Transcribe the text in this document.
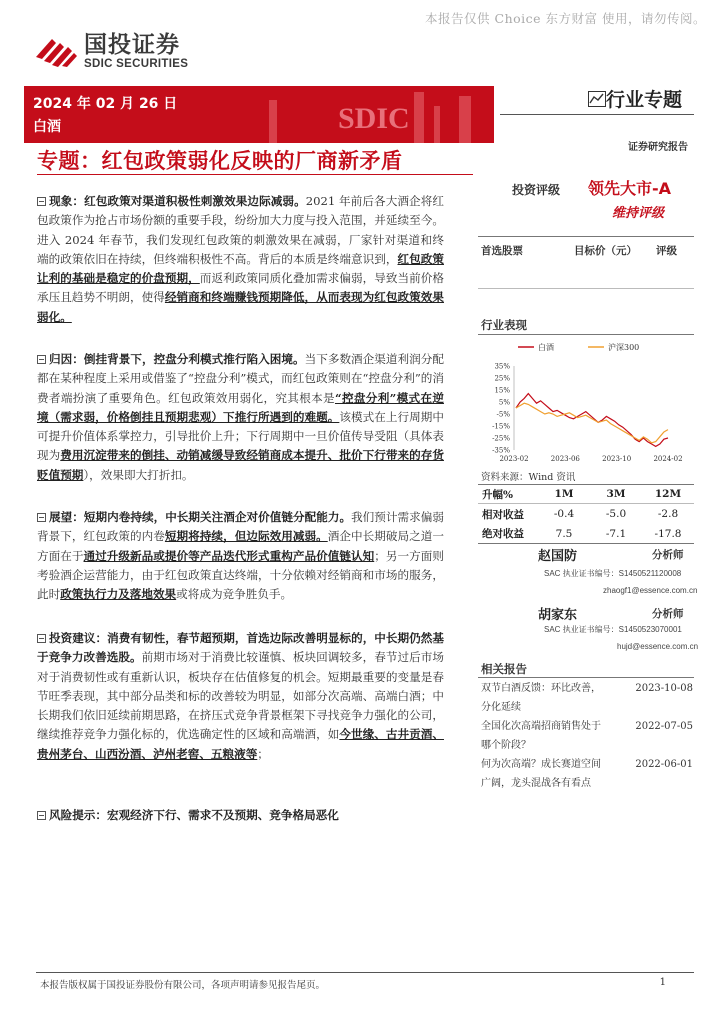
本报告仅供 Choice 东方财富 使用，请勿传阅。
国投证券
SDIC SECURITIES
2024 年 02 月 26 日
白酒	SDIC
行业专题
证券研究报告
专题：红包政策弱化反映的厂商新矛盾
现象：红包政策对渠道积极性刺激效果边际减弱。2021 年前后各大酒企将红包政策作为抢占市场份额的重要手段，纷纷加大力度与投入范围，并延续至今。进入 2024 年春节，我们发现红包政策的刺激效果在减弱，厂家针对渠道和终端的政策依旧在持续，但终端积极性不高。背后的本质是终端意识到，红包政策让利的基础是稳定的价盘预期，而返利政策同质化叠加需求偏弱，导致当前价格承压且趋势不明朗，使得经销商和终端赚钱预期降低，从而表现为红包政策效果弱化。
归因：倒挂背景下，控盘分利模式推行陷入困境。当下多数酒企渠道利润分配都在某种程度上采用或借鉴了“控盘分利”模式，而红包政策则在“控盘分利”的消费者端扮演了重要角色。红包政策效用弱化，究其根本是“控盘分利”模式在逆境（需求弱，价格倒挂且预期悲观）下推行所遇到的难题。该模式在上行周期中可提升价值体系掌控力，引导批价上升；下行周期中一旦价值传导受阻（具体表现为费用沉淀带来的倒挂、动销减缓导致经销商成本提升、批价下行带来的存货贬值预期），效果即大打折扣。
展望：短期内卷持续，中长期关注酒企对价值链分配能力。我们预计需求偏弱背景下，红包政策的内卷短期将持续，但边际效用减弱。酒企中长期破局之道一方面在于通过升级新品或提价等产品迭代形式重构产品价值链认知；另一方面则考验酒企运营能力，由于红包政策直达终端，十分依赖对经销商和市场的服务，此时政策执行力及落地效果或将成为竞争胜负手。
投资建议：消费有韧性，春节超预期，首选边际改善明显标的，中长期仍然基于竞争力改善选股。前期市场对于消费比较谨慎、板块回调较多，春节过后市场对于消费韧性或有重新认识，板块存在估值修复的机会。短期最重要的变量是春节旺季表现，其中部分品类和标的改善较为明显，如部分次高端、高端白酒；中长期我们依旧延续前期思路，在挤压式竞争背景框架下寻找竞争力强化的公司，继续推荐竞争力强化标的，优选确定性的区域和高端酒，如今世缘、古井贡酒、贵州茅台、山西汾酒、泸州老窖、五粮液等；
风险提示：宏观经济下行、需求不及预期、竞争格局恶化
投资评级 领先大市-A
维持评级
首选股票	目标价（元） 评级
行业表现
35%
25%
15%
5%
-5%
-15%
-25%
-35%
2023-02	2023-06	2023-10	2024-02
白酒	沪深300
资料来源：Wind 资讯
升幅%	1M	3M	12M
相对收益	-0.4	-5.0	-2.8
绝对收益	7.5	-7.1	-17.8
赵国防	分析师
SAC 执业证书编号：S1450521120008
zhaogf1@essence.com.cn
胡家东	分析师
SAC 执业证书编号：S1450523070001
hujd@essence.com.cn
相关报告
双节白酒反馈：环比改善，	2023-10-08
分化延续
全国化次高端招商销售处于	2022-07-05
哪个阶段？
何为次高端？成长赛道空间	2022-06-01
广阔，龙头混战各有看点
本报告版权属于国投证券股份有限公司，各项声明请参见报告尾页。	1
